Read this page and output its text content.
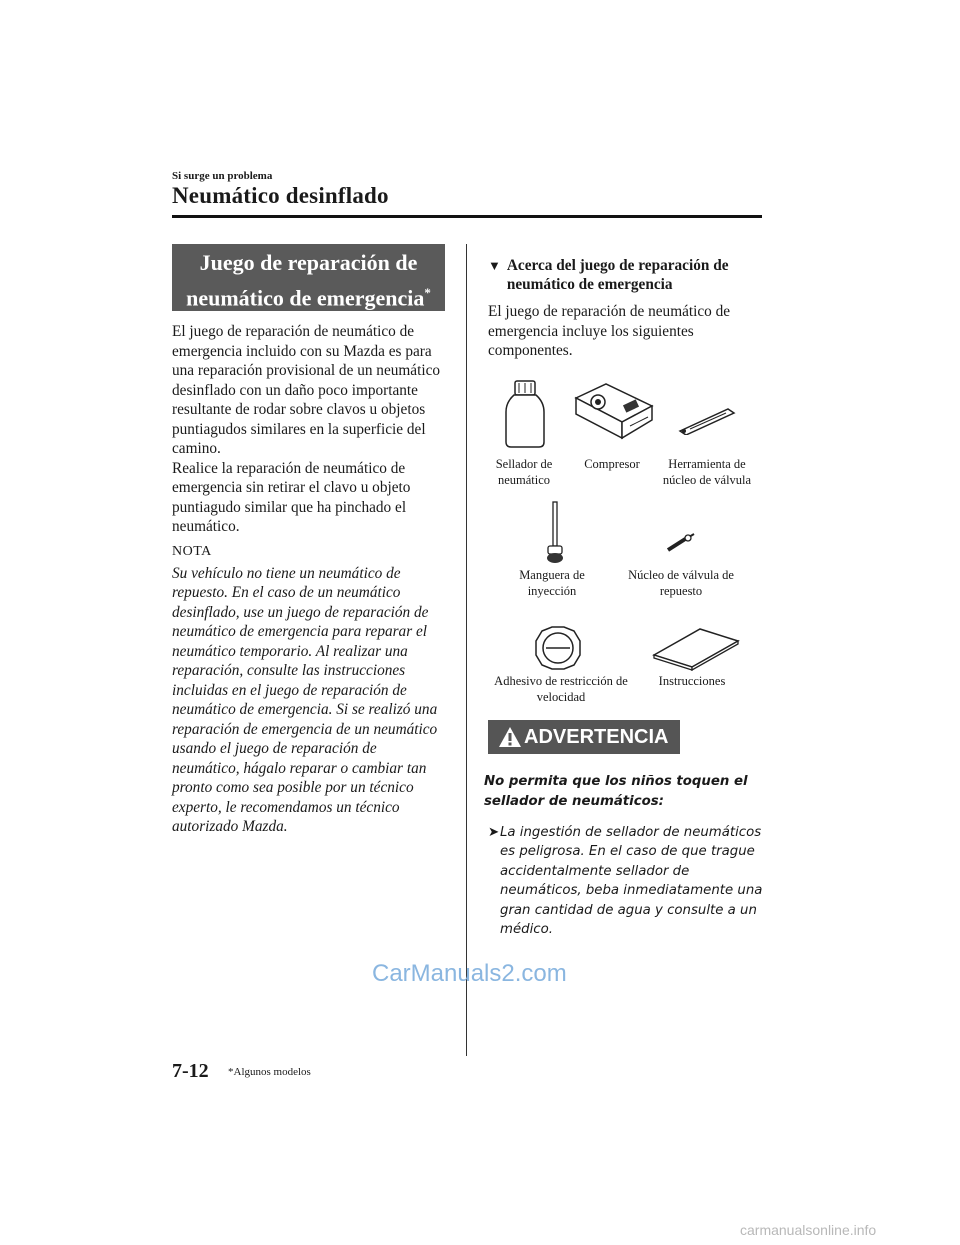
Si surge un problema
Neumático desinflado
Juego de reparación de
neumático de emergencia*

El juego de reparación de neumático de emergencia incluido con su Mazda es para una reparación provisional de un neumático desinflado con un daño poco importante resultante de rodar sobre clavos u objetos puntiagudos similares en la superficie del camino.

Realice la reparación de neumático de emergencia sin retirar el clavo u objeto puntiagudo similar que ha pinchado el neumático.

NOTA
Su vehículo no tiene un neumático de repuesto. En el caso de un neumático desinflado, use un juego de reparación de neumático de emergencia para reparar el neumático temporario. Al realizar una reparación, consulte las instrucciones incluidas en el juego de reparación de neumático de emergencia. Si se realizó una reparación de emergencia de un neumático usando el juego de reparación de neumático, hágalo reparar o cambiar tan pronto como sea posible por un técnico experto, le recomendamos un técnico autorizado Mazda.
▼ Acerca del juego de reparación de neumático de emergencia
El juego de reparación de neumático de emergencia incluye los siguientes componentes.
Sellador de neumático
Compresor	Herramienta de núcleo de válvula
Manguera de inyección
Núcleo de válvula de repuesto
Adhesivo de restricción de velocidad
Instrucciones
ADVERTENCIA
No permita que los niños toquen el sellador de neumáticos:
➤ La ingestión de sellador de neumáticos es peligrosa. En el caso de que trague accidentalmente sellador de neumáticos, beba inmediatamente una gran cantidad de agua y consulte a un médico.
CarManuals2.com
7-12 *Algunos modelos
carmanualsonline.info
